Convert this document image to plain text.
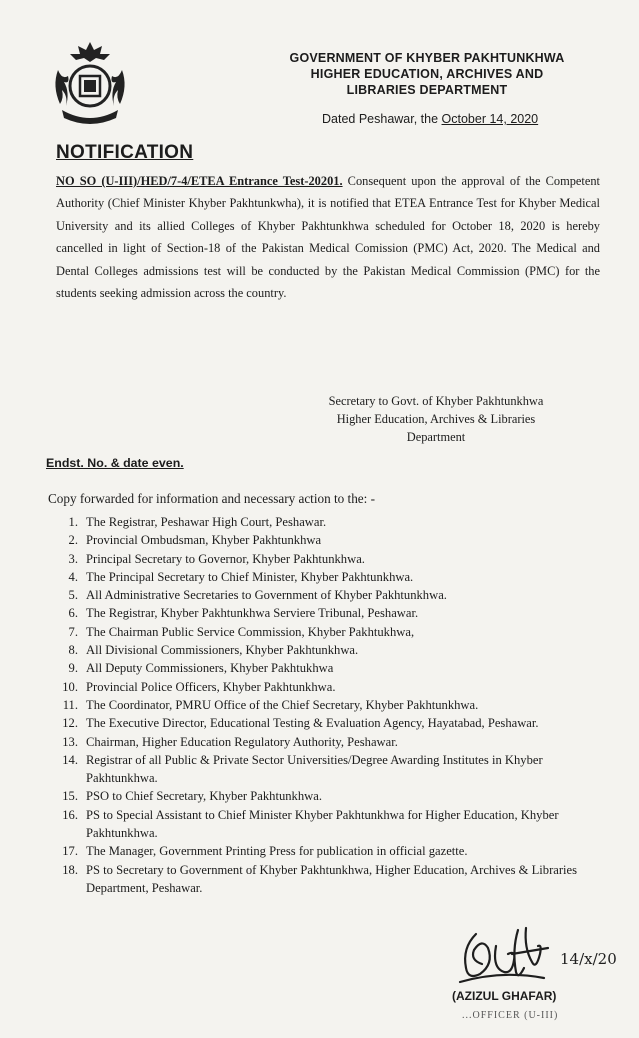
GOVERNMENT OF KHYBER PAKHTUNKHWA
HIGHER EDUCATION, ARCHIVES AND
LIBRARIES DEPARTMENT
Dated Peshawar, the October 14, 2020
NOTIFICATION
NO SO (U-III)/HED/7-4/ETEA Entrance Test-20201. Consequent upon the approval of the Competent Authority (Chief Minister Khyber Pakhtunkwha), it is notified that ETEA Entrance Test for Khyber Medical University and its allied Colleges of Khyber Pakhtunkhwa scheduled for October 18, 2020 is hereby cancelled in light of Section-18 of the Pakistan Medical Comission (PMC) Act, 2020. The Medical and Dental Colleges admissions test will be conducted by the Pakistan Medical Commission (PMC) for the students seeking admission across the country.
Secretary to Govt. of Khyber Pakhtunkhwa
Higher Education, Archives & Libraries
Department
Endst. No. & date even.
Copy forwarded for information and necessary action to the: -
1. The Registrar, Peshawar High Court, Peshawar.
2. Provincial Ombudsman, Khyber Pakhtunkhwa
3. Principal Secretary to Governor, Khyber Pakhtunkhwa.
4. The Principal Secretary to Chief Minister, Khyber Pakhtunkhwa.
5. All Administrative Secretaries to Government of Khyber Pakhtunkhwa.
6. The Registrar, Khyber Pakhtunkhwa Serviere Tribunal, Peshawar.
7. The Chairman Public Service Commission, Khyber Pakhtukhwa,
8. All Divisional Commissioners, Khyber Pakhtunkhwa.
9. All Deputy Commissioners, Khyber Pakhtukhwa
10. Provincial Police Officers, Khyber Pakhtunkhwa.
11. The Coordinator, PMRU Office of the Chief Secretary, Khyber Pakhtunkhwa.
12. The Executive Director, Educational Testing & Evaluation Agency, Hayatabad, Peshawar.
13. Chairman, Higher Education Regulatory Authority, Peshawar.
14. Registrar of all Public & Private Sector Universities/Degree Awarding Institutes in Khyber Pakhtunkhwa.
15. PSO to Chief Secretary, Khyber Pakhtunkhwa.
16. PS to Special Assistant to Chief Minister Khyber Pakhtunkhwa for Higher Education, Khyber Pakhtunkhwa.
17. The Manager, Government Printing Press for publication in official gazette.
18. PS to Secretary to Government of Khyber Pakhtunkhwa, Higher Education, Archives & Libraries Department, Peshawar.
14/x/20
(AZIZUL GHAFAR)
...OFFICER (U-III)
